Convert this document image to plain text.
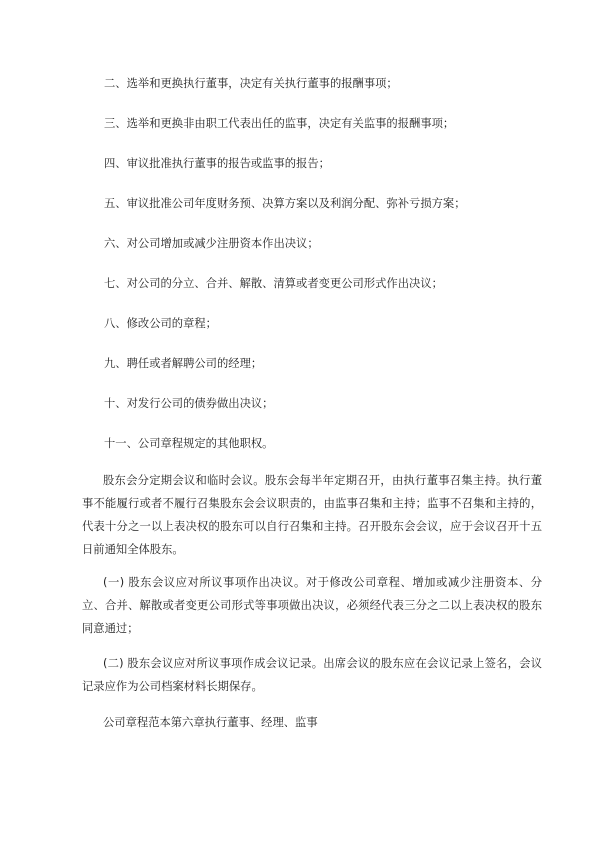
二、选举和更换执行董事，决定有关执行董事的报酬事项；
三、选举和更换非由职工代表出任的监事，决定有关监事的报酬事项；
四、审议批准执行董事的报告或监事的报告；
五、审议批准公司年度财务预、决算方案以及利润分配、弥补亏损方案；
六、对公司增加或减少注册资本作出决议；
七、对公司的分立、合并、解散、清算或者变更公司形式作出决议；
八、修改公司的章程；
九、聘任或者解聘公司的经理；
十、对发行公司的债券做出决议；
十一、公司章程规定的其他职权。
股东会分定期会议和临时会议。股东会每半年定期召开，由执行董事召集主持。执行董事不能履行或者不履行召集股东会会议职责的，由监事召集和主持；监事不召集和主持的，代表十分之一以上表决权的股东可以自行召集和主持。召开股东会会议，应于会议召开十五日前通知全体股东。
(一) 股东会议应对所议事项作出决议。对于修改公司章程、增加或减少注册资本、分立、合并、解散或者变更公司形式等事项做出决议，必须经代表三分之二以上表决权的股东同意通过；
(二) 股东会议应对所议事项作成会议记录。出席会议的股东应在会议记录上签名，会议记录应作为公司档案材料长期保存。
公司章程范本第六章执行董事、经理、监事
